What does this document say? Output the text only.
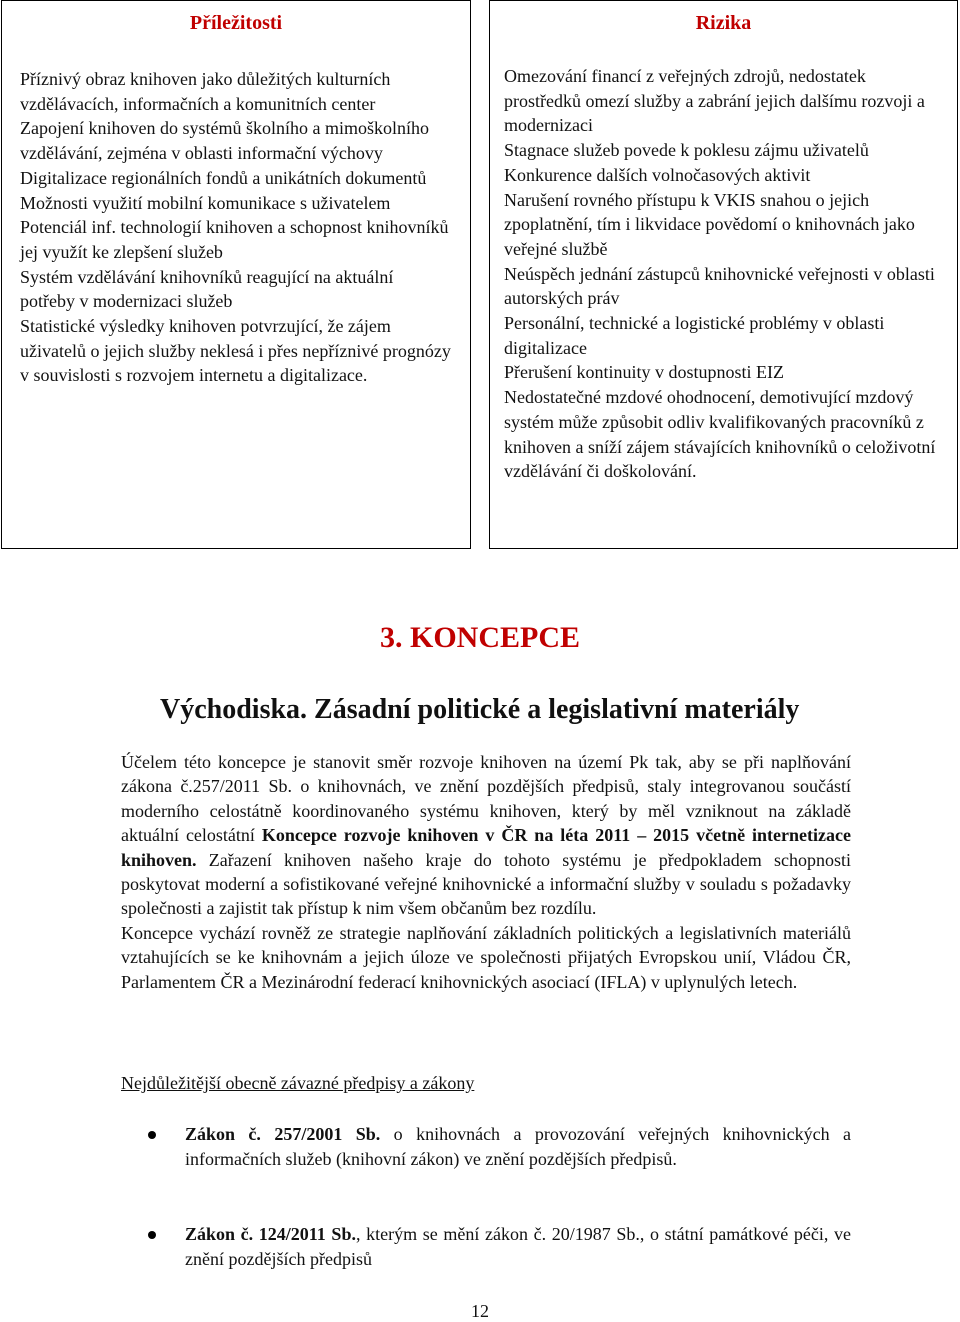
Příležitosti

Příznivý obraz knihoven jako důležitých kulturních vzdělávacích, informačních a komunitních center

Zapojení knihoven do systémů školního a mimoškolního vzdělávání, zejména v oblasti informační výchovy

Digitalizace regionálních fondů a unikátních dokumentů

Možnosti využití mobilní komunikace s uživatelem

Potenciál inf. technologií knihoven a schopnost knihovníků jej využít ke zlepšení služeb

Systém vzdělávání knihovníků reagující na aktuální potřeby v modernizaci služeb

Statistické výsledky knihoven potvrzující, že zájem uživatelů o jejich služby neklesá i přes nepříznivé prognózy v souvislosti s rozvojem internetu a digitalizace.

Rizika

Omezování financí z veřejných zdrojů, nedostatek prostředků omezí služby a zabrání jejich dalšímu rozvoji a modernizaci

Stagnace služeb povede k poklesu zájmu uživatelů

Konkurence dalších volnočasových aktivit

Narušení rovného přístupu k VKIS snahou o jejich zpoplatnění, tím i likvidace povědomí o knihovnách jako veřejné službě

Neúspěch jednání zástupců knihovnické veřejnosti v oblasti autorských práv

Personální, technické a logistické problémy v oblasti digitalizace

Přerušení kontinuity v dostupnosti EIZ

Nedostatečné mzdové ohodnocení, demotivující mzdový systém může způsobit odliv kvalifikovaných pracovníků z knihoven a sníží zájem stávajících knihovníků o celoživotní vzdělávání či doškolování.

3. KONCEPCE
Východiska. Zásadní politické a legislativní materiály

Účelem této koncepce je stanovit směr rozvoje knihoven na území Pk tak, aby se při naplňování zákona č.257/2011 Sb. o knihovnách, ve znění pozdějších předpisů, staly integrovanou součástí moderního celostátně koordinovaného systému knihoven, který by měl vzniknout na základě aktuální celostátní Koncepce rozvoje knihoven v ČR na léta 2011 – 2015 včetně internetizace knihoven. Zařazení knihoven našeho kraje do tohoto systému je předpokladem schopnosti poskytovat moderní a sofistikované veřejné knihovnické a informační služby v souladu s požadavky společnosti a zajistit tak přístup k nim všem občanům bez rozdílu.

Koncepce vychází rovněž ze strategie naplňování základních politických a legislativních materiálů vztahujících se ke knihovnám a jejich úloze ve společnosti přijatých Evropskou unií, Vládou ČR, Parlamentem ČR a Mezinárodní federací knihovnických asociací (IFLA) v uplynulých letech.

Nejdůležitější obecně závazné předpisy a zákony
Zákon č. 257/2001 Sb. o knihovnách a provozování veřejných knihovnických a informačních služeb (knihovní zákon) ve znění pozdějších předpisů.
Zákon č. 124/2011 Sb., kterým se mění zákon č. 20/1987 Sb., o státní památkové péči, ve znění pozdějších předpisů
12
